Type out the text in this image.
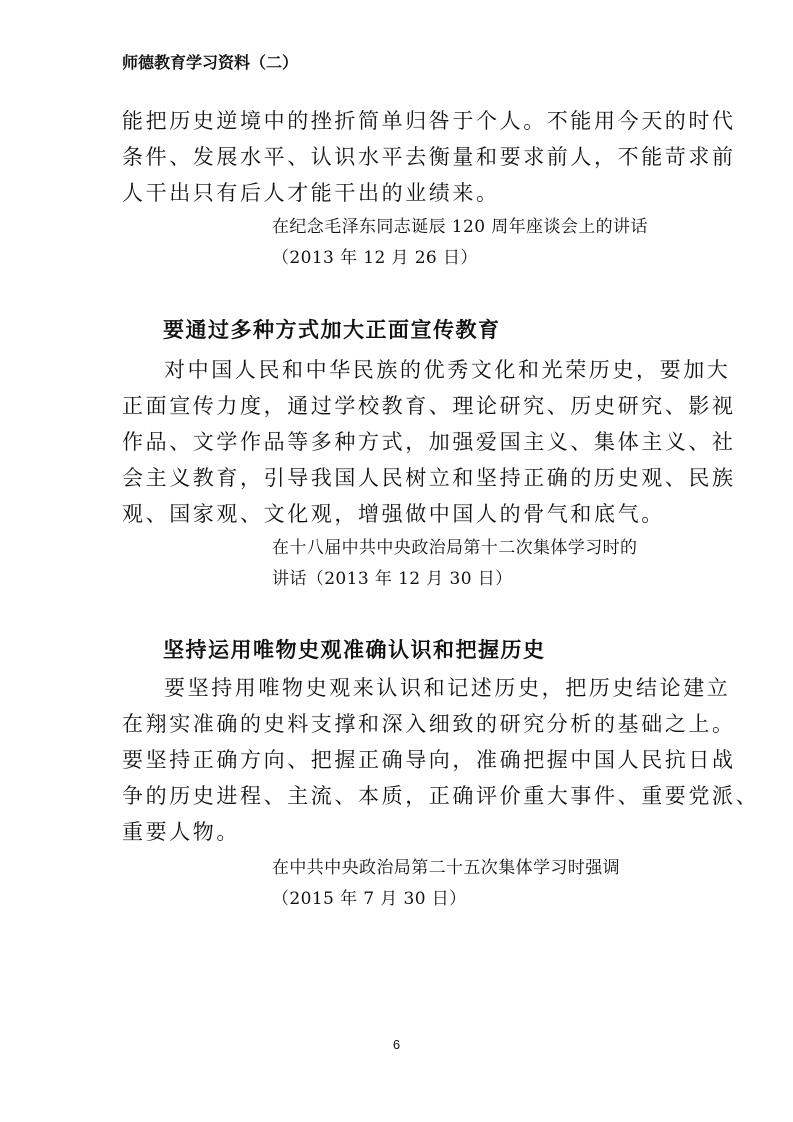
师德教育学习资料（二）

能把历史逆境中的挫折简单归咎于个人。不能用今天的时代
条件、发展水平、认识水平去衡量和要求前人，不能苛求前
人干出只有后人才能干出的业绩来。

在纪念毛泽东同志诞辰 120 周年座谈会上的讲话
（2013 年 12 月 26 日）
要通过多种方式加大正面宣传教育

对中国人民和中华民族的优秀文化和光荣历史，要加大
正面宣传力度，通过学校教育、理论研究、历史研究、影视
作品、文学作品等多种方式，加强爱国主义、集体主义、社
会主义教育，引导我国人民树立和坚持正确的历史观、民族
观、国家观、文化观，增强做中国人的骨气和底气。

在十八届中共中央政治局第十二次集体学习时的
讲话（2013 年 12 月 30 日）
坚持运用唯物史观准确认识和把握历史

要坚持用唯物史观来认识和记述历史，把历史结论建立
在翔实准确的史料支撑和深入细致的研究分析的基础之上。
要坚持正确方向、把握正确导向，准确把握中国人民抗日战
争的历史进程、主流、本质，正确评价重大事件、重要党派、
重要人物。

在中共中央政治局第二十五次集体学习时强调
（2015 年 7 月 30 日）

6
